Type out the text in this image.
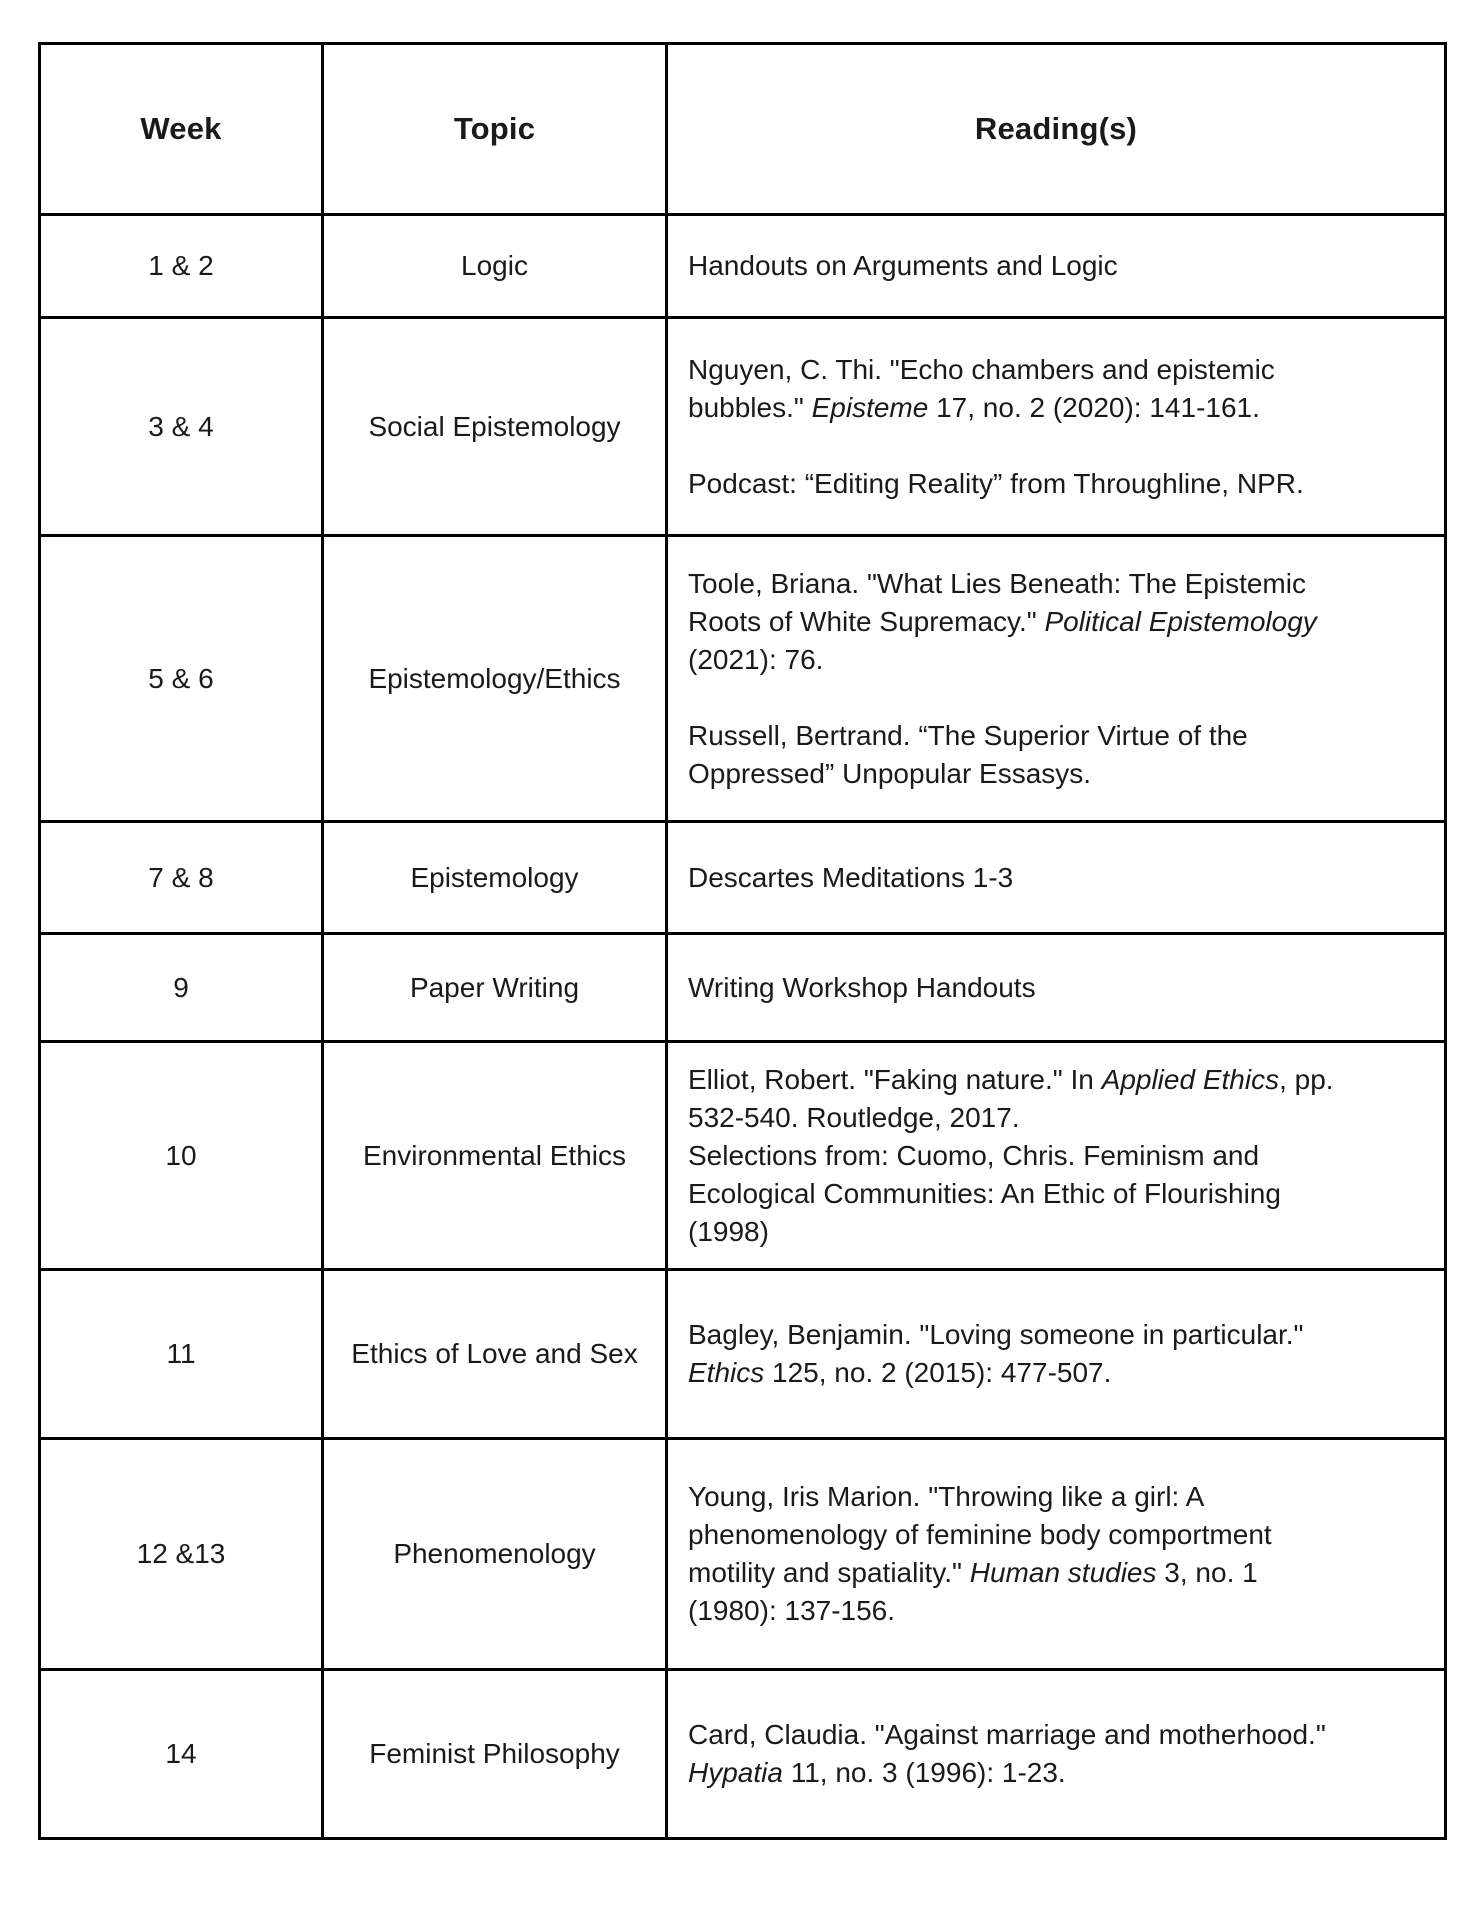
Week	Topic	Reading(s)
1 & 2	Logic	Handouts on Arguments and Logic

3 & 4	Social Epistemology	Nguyen, C. Thi. "Echo chambers and epistemic
bubbles." Episteme 17, no. 2 (2020): 141-161.

Podcast: “Editing Reality” from Throughline, NPR.

5 & 6	Epistemology/Ethics	Toole, Briana. "What Lies Beneath: The Epistemic
Roots of White Supremacy." Political Epistemology
(2021): 76.

Russell, Bertrand. “The Superior Virtue of the
Oppressed” Unpopular Essasys.

7 & 8	Epistemology	Descartes Meditations 1-3

9	Paper Writing	Writing Workshop Handouts

10	Environmental Ethics	Elliot, Robert. "Faking nature." In Applied Ethics, pp.
532-540. Routledge, 2017.
Selections from: Cuomo, Chris. Feminism and
Ecological Communities: An Ethic of Flourishing
(1998)

11	Ethics of Love and Sex	Bagley, Benjamin. "Loving someone in particular."
Ethics 125, no. 2 (2015): 477-507.

12 &13	Phenomenology	Young, Iris Marion. "Throwing like a girl: A
phenomenology of feminine body comportment
motility and spatiality." Human studies 3, no. 1
(1980): 137-156.

14	Feminist Philosophy	Card, Claudia. "Against marriage and motherhood."
Hypatia 11, no. 3 (1996): 1-23.
